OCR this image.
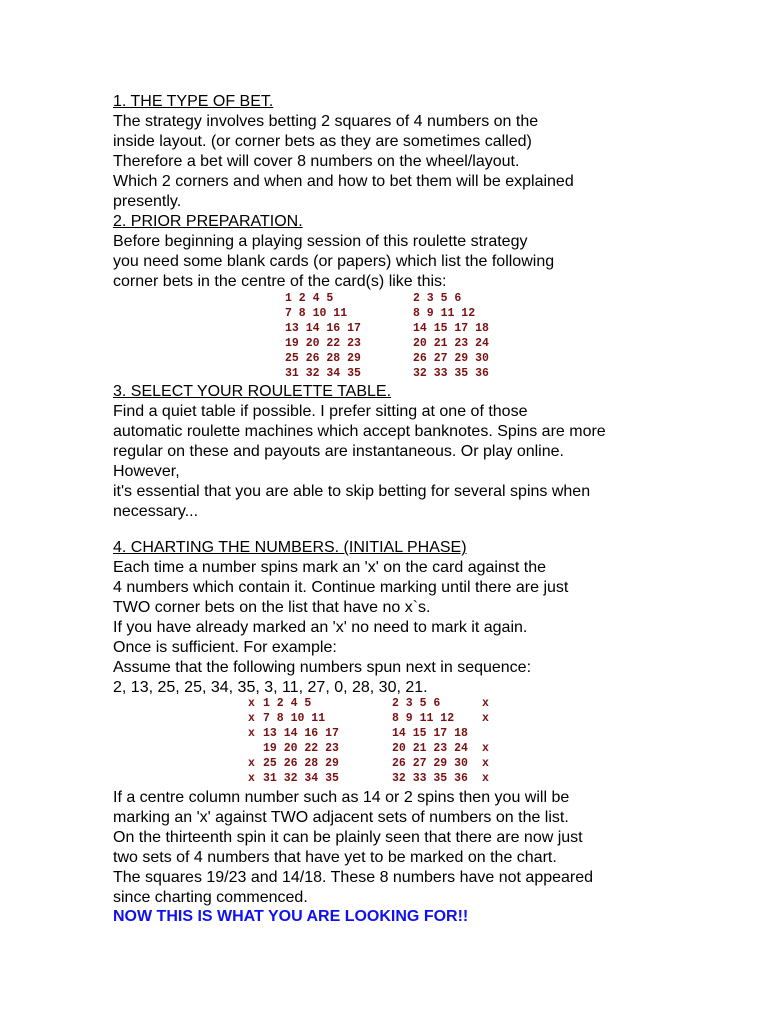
1. THE TYPE OF BET.
The strategy involves betting 2 squares of 4 numbers on the
inside layout. (or corner bets as they are sometimes called)
Therefore a bet will cover 8 numbers on the wheel/layout.
Which 2 corners and when and how to bet them will be explained
presently.
2. PRIOR PREPARATION.
Before beginning a playing session of this roulette strategy
you need some blank cards (or papers) which list the following
corner bets in the centre of the card(s) like this:
1 2 4 5	2 3 5 6
7 8 10 11	8 9 11 12
13 14 16 17	14 15 17 18
19 20 22 23	20 21 23 24
25 26 28 29	26 27 29 30
31 32 34 35	32 33 35 36
3. SELECT YOUR ROULETTE TABLE.
Find a quiet table if possible. I prefer sitting at one of those
automatic roulette machines which accept banknotes. Spins are more
regular on these and payouts are instantaneous. Or play online.
However,
it's essential that you are able to skip betting for several spins when
necessary...
4. CHARTING THE NUMBERS. (INITIAL PHASE)
Each time a number spins mark an 'x' on the card against the
4 numbers which contain it. Continue marking until there are just
TWO corner bets on the list that have no x`s.
If you have already marked an 'x' no need to mark it again.
Once is sufficient. For example:
Assume that the following numbers spun next in sequence:
2, 13, 25, 25, 34, 35, 3, 11, 27, 0, 28, 30, 21.
x 1 2 4 5	2 3 5 6	x
x 7 8 10 11	8 9 11 12 x
x 13 14 16 17	14 15 17 18
19 20 22 23	20 21 23 24 x
x 25 26 28 29	26 27 29 30 x
x 31 32 34 35	32 33 35 36 x
If a centre column number such as 14 or 2 spins then you will be
marking an 'x' against TWO adjacent sets of numbers on the list.
On the thirteenth spin it can be plainly seen that there are now just
two sets of 4 numbers that have yet to be marked on the chart.
The squares 19/23 and 14/18. These 8 numbers have not appeared
since charting commenced.
NOW THIS IS WHAT YOU ARE LOOKING FOR!!
